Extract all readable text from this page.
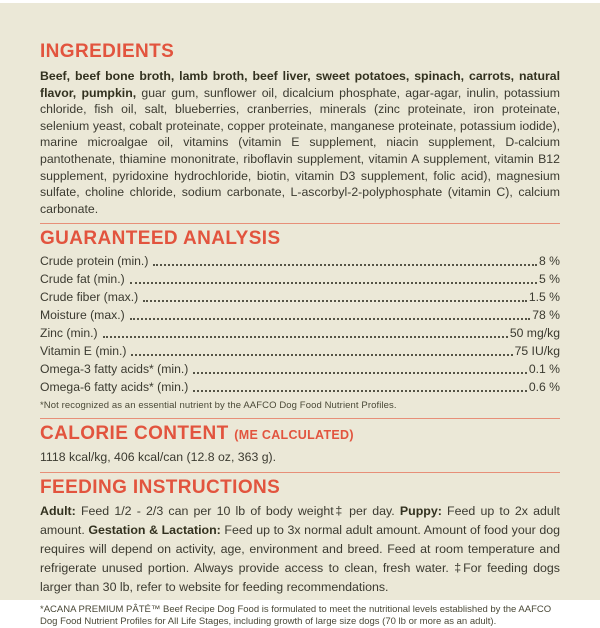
INGREDIENTS

Beef, beef bone broth, lamb broth, beef liver, sweet potatoes, spinach, carrots, natural flavor, pumpkin, guar gum, sunflower oil, dicalcium phosphate, agar-agar, inulin, potassium chloride, fish oil, salt, blueberries, cranberries, minerals (zinc proteinate, iron proteinate, selenium yeast, cobalt proteinate, copper proteinate, manganese proteinate, potassium iodide), marine microalgae oil, vitamins (vitamin E supplement, niacin supplement, D-calcium pantothenate, thiamine mononitrate, riboflavin supplement, vitamin A supplement, vitamin B12 supplement, pyridoxine hydrochloride, biotin, vitamin D3 supplement, folic acid), magnesium sulfate, choline chloride, sodium carbonate, L-ascorbyl-2-polyphosphate (vitamin C), calcium carbonate.

GUARANTEED ANALYSIS
Crude protein (min.)	8 %
Crude fat (min.)	5 %
Crude fiber (max.)	1.5 %
Moisture (max.)	78 %
Zinc (min.)	50 mg/kg
Vitamin E (min.)	75 IU/kg
Omega-3 fatty acids* (min.)	0.1 %
Omega-6 fatty acids* (min.)	0.6 %

*Not recognized as an essential nutrient by the AAFCO Dog Food Nutrient Profiles.

CALORIE CONTENT (ME CALCULATED)

1118 kcal/kg, 406 kcal/can (12.8 oz, 363 g).

FEEDING INSTRUCTIONS

Adult: Feed 1/2 - 2/3 can per 10 lb of body weight‡ per day. Puppy: Feed up to 2x adult amount. Gestation & Lactation: Feed up to 3x normal adult amount. Amount of food your dog requires will depend on activity, age, environment and breed. Feed at room temperature and refrigerate unused portion. Always provide access to clean, fresh water. ‡For feeding dogs larger than 30 lb, refer to website for feeding recommendations.

*ACANA PREMIUM PÂTÉ™ Beef Recipe Dog Food is formulated to meet the nutritional levels established by the AAFCO Dog Food Nutrient Profiles for All Life Stages, including growth of large size dogs (70 lb or more as an adult).
